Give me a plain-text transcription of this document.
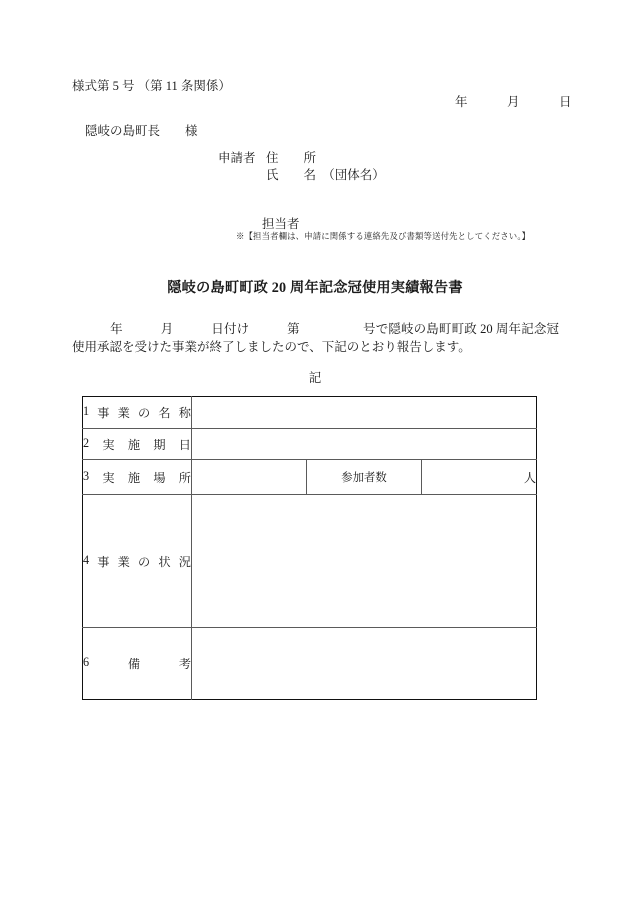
様式第 5 号 （第 11 条関係）
年　　　月　　　日
隠岐の島町長　　様
申請者 住　　所
氏　　名　（団体名）
担当者
※【担当者欄は、申請に関係する連絡先及び書類等送付先としてください。】
隠岐の島町町政 20 周年記念冠使用実績報告書
年　　　月　　　日付け　　　第　　　　　号で隠岐の島町町政 20 周年記念冠使用承認を受けた事業が終了しましたので、下記のとおり報告します。
記
1 事 業 の 名 称

2 実 施 期 日			

3 実 施 場 所		参加者数	人

4 事 業 の 状 況

6 備 考			
